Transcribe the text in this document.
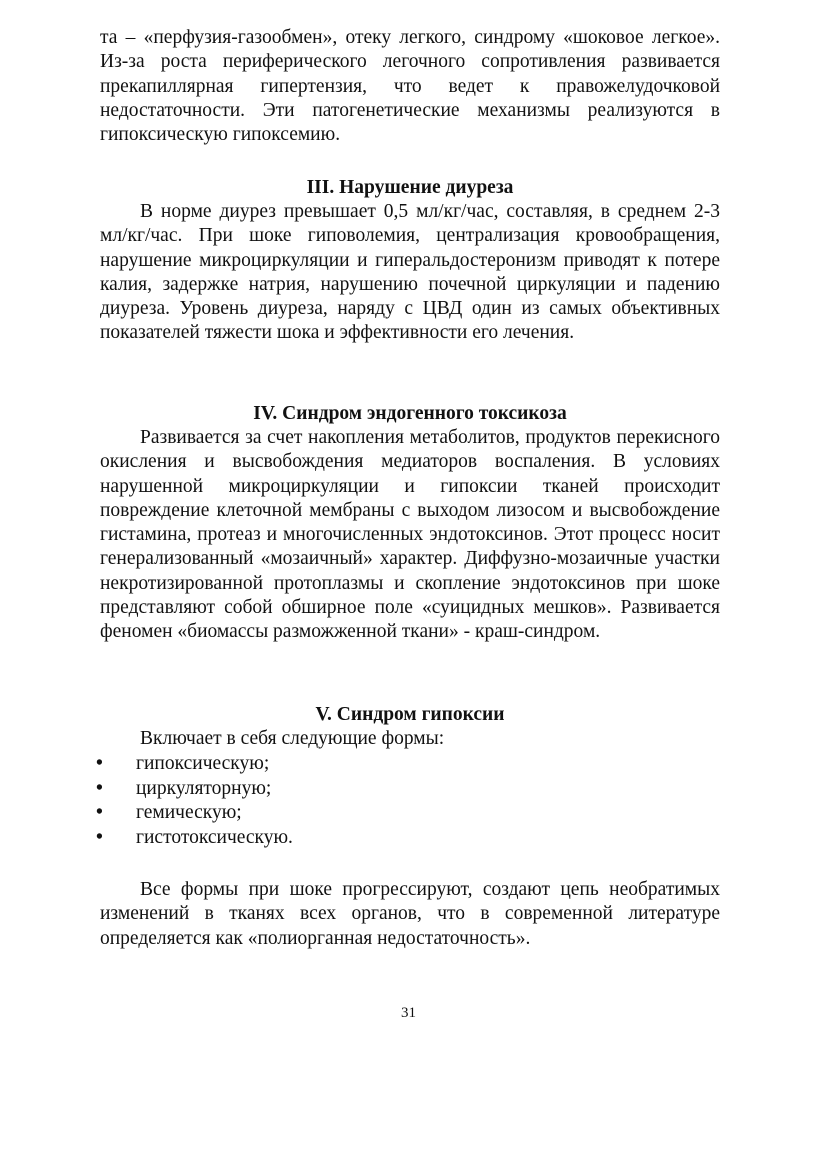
та – «перфузия-газообмен», отеку легкого, синдрому «шоковое легкое». Из-за роста периферического легочного сопротивления развивается прекапиллярная гипертензия, что ведет к правожелудочковой недостаточности. Эти патогенетические механизмы реализуются в гипоксическую гипоксемию.

III. Нарушение диуреза

В норме диурез превышает 0,5 мл/кг/час, составляя, в среднем 2-3 мл/кг/час. При шоке гиповолемия, централизация кровообращения, нарушение микроциркуляции и гиперальдостеронизм приводят к потере калия, задержке натрия, нарушению почечной циркуляции и падению диуреза. Уровень диуреза, наряду с ЦВД один из самых объективных показателей тяжести шока и эффективности его лечения.

IV. Синдром эндогенного токсикоза

Развивается за счет накопления метаболитов, продуктов перекисного окисления и высвобождения медиаторов воспаления. В условиях нарушенной микроциркуляции и гипоксии тканей происходит повреждение клеточной мембраны с выходом лизосом и высвобождение гистамина, протеаз и многочисленных эндотоксинов. Этот процесс носит генерализованный «мозаичный» характер. Диффузно-мозаичные участки некротизированной протоплазмы и скопление эндотоксинов при шоке представляют собой обширное поле «суицидных мешков». Развивается феномен «биомассы разможженной ткани» - краш-синдром.

V. Синдром гипоксии

Включает в себя следующие формы:

• гипоксическую;
• циркуляторную;
• гемическую;
• гистотоксическую.

Все формы при шоке прогрессируют, создают цепь необратимых изменений в тканях всех органов, что в современной литературе определяется как «полиорганная недостаточность».

31
